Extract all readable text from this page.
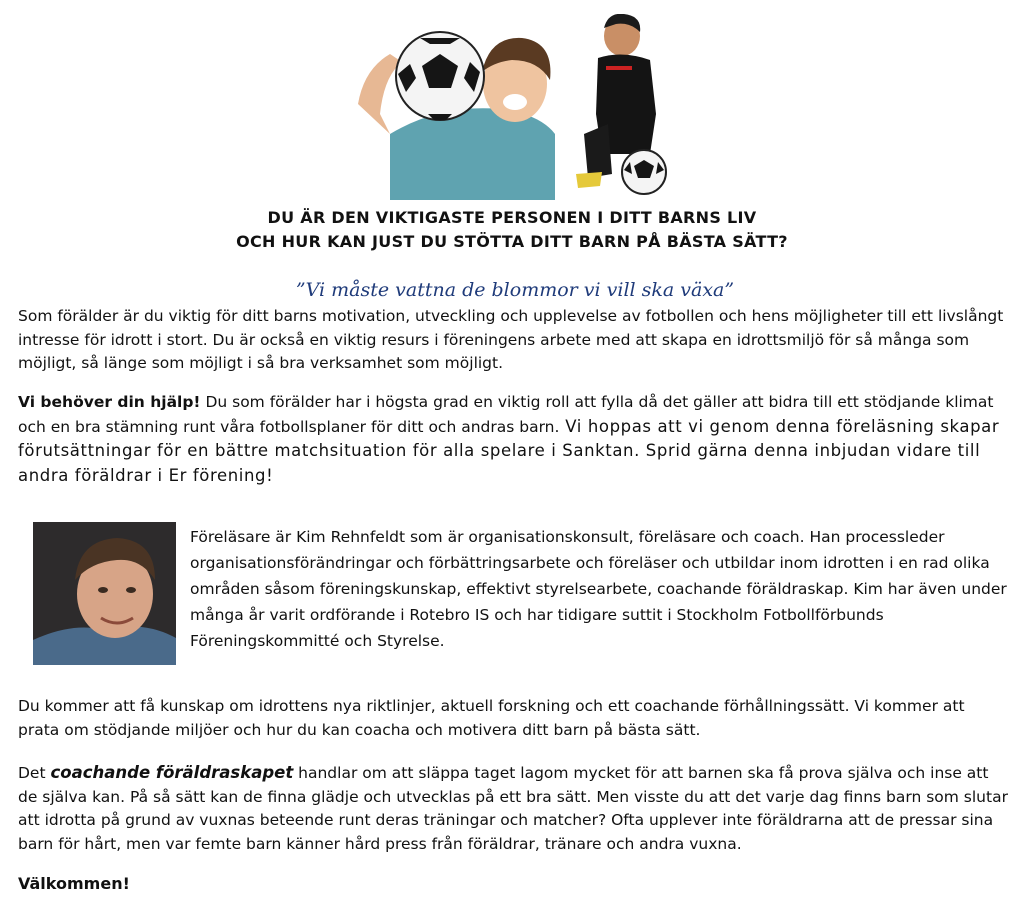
DU ÄR DEN VIKTIGASTE PERSONEN I DITT BARNS LIV
OCH HUR KAN JUST DU STÖTTA DITT BARN PÅ BÄSTA SÄTT?
”Vi måste vattna de blommor vi vill ska växa”
Som förälder är du viktig för ditt barns motivation, utveckling och upplevelse av fotbollen och hens möjligheter till ett livslångt intresse för idrott i stort. Du är också en viktig resurs i föreningens arbete med att skapa en idrottsmiljö för så många som möjligt, så länge som möjligt i så bra verksamhet som möjligt.
Vi behöver din hjälp! Du som förälder har i högsta grad en viktig roll att fylla då det gäller att bidra till ett stödjande klimat och en bra stämning runt våra fotbollsplaner för ditt och andras barn. Vi hoppas att vi genom denna föreläsning skapar förutsättningar för en bättre matchsituation för alla spelare i Sanktan. Sprid gärna denna inbjudan vidare till andra föräldrar i Er förening!
Föreläsare är Kim Rehnfeldt som är organisationskonsult, föreläsare och coach. Han processleder organisationsförändringar och förbättringsarbete och föreläser och utbildar inom idrotten i en rad olika områden såsom föreningskunskap, effektivt styrelsearbete, coachande föräldraskap. Kim har även under många år varit ordförande i Rotebro IS och har tidigare suttit i Stockholm Fotbollförbunds Föreningskommitté och Styrelse.
Du kommer att få kunskap om idrottens nya riktlinjer, aktuell forskning och ett coachande förhållningssätt. Vi kommer att prata om stödjande miljöer och hur du kan coacha och motivera ditt barn på bästa sätt.
Det coachande föräldraskapet handlar om att släppa taget lagom mycket för att barnen ska få prova själva och inse att de själva kan. På så sätt kan de finna glädje och utvecklas på ett bra sätt. Men visste du att det varje dag finns barn som slutar att idrotta på grund av vuxnas beteende runt deras träningar och matcher? Ofta upplever inte föräldrarna att de pressar sina barn för hårt, men var femte barn känner hård press från föräldrar, tränare och andra vuxna.
Välkommen!
